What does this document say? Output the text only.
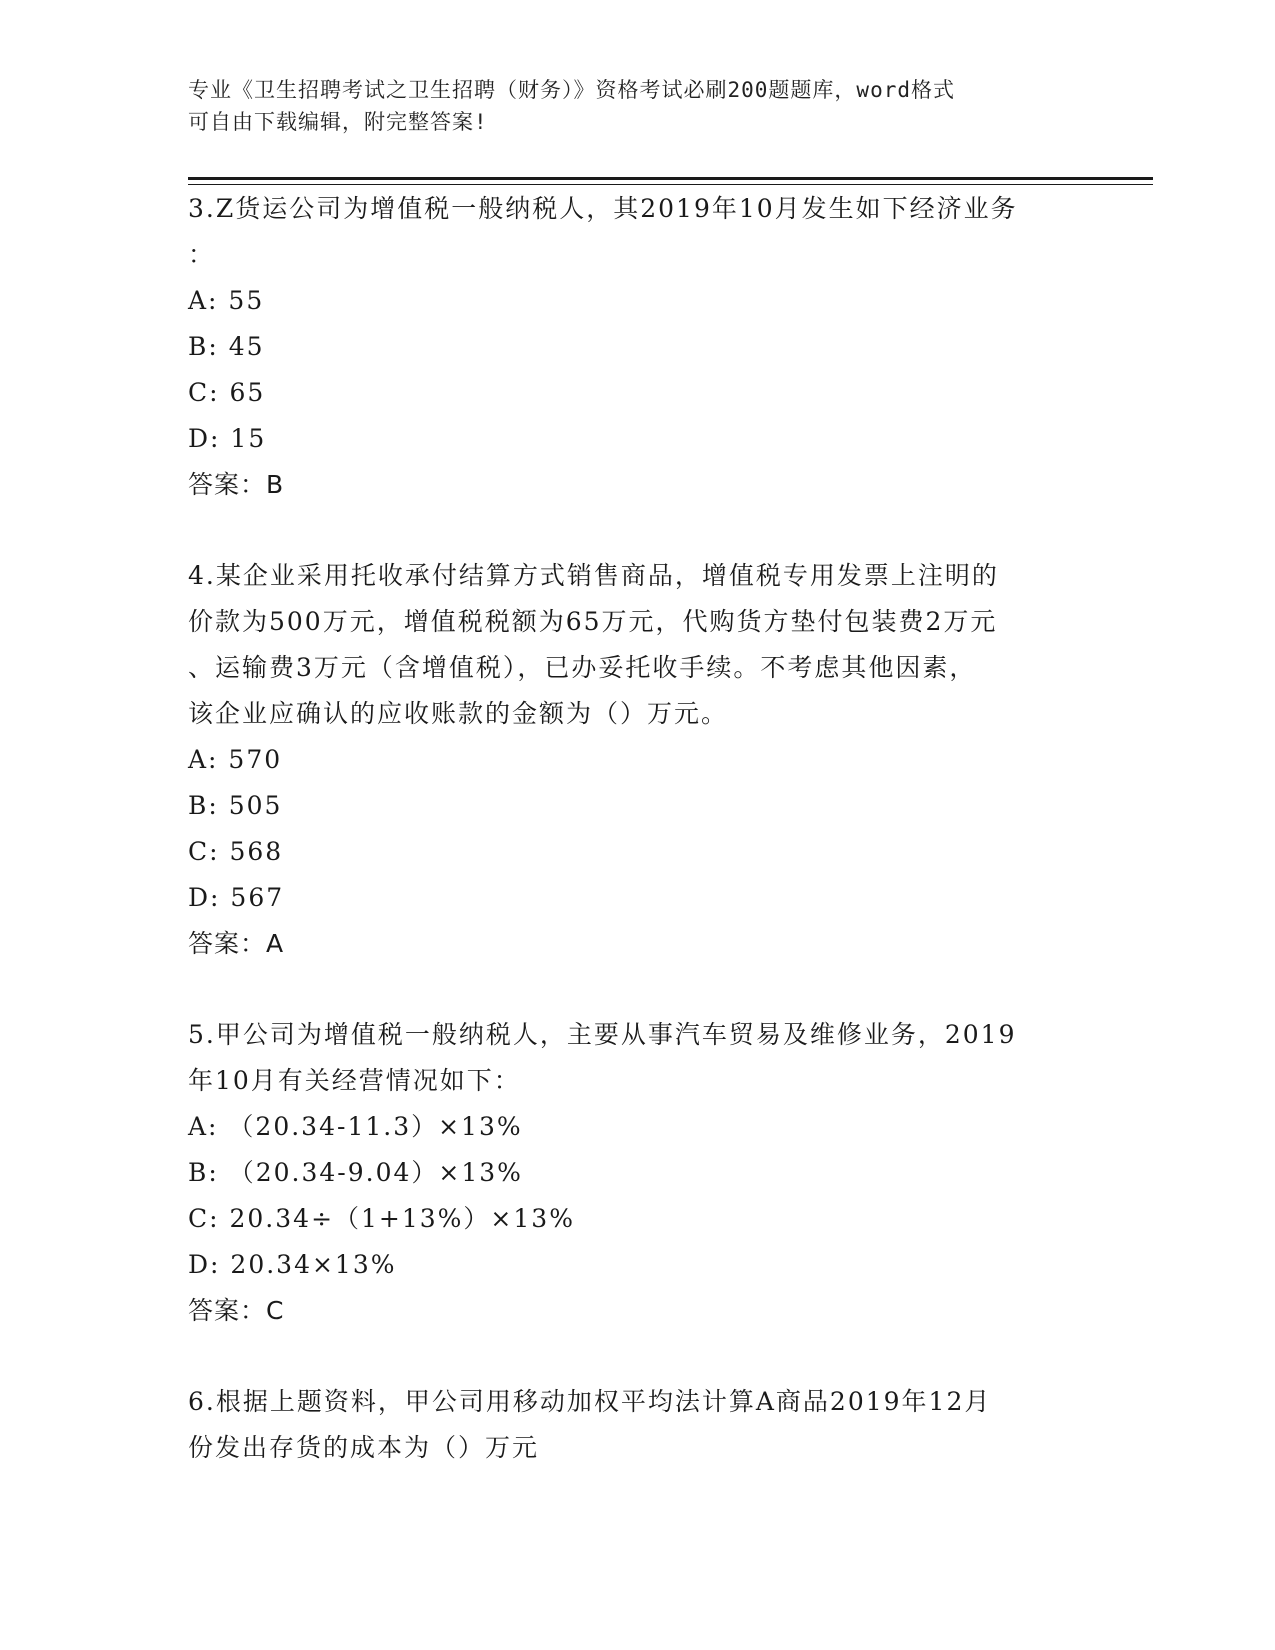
专业《卫生招聘考试之卫生招聘（财务）》资格考试必刷200题题库，word格式
可自由下载编辑，附完整答案!
3.Z货运公司为增值税一般纳税人，其2019年10月发生如下经济业务
：
A: 55
B: 45
C: 65
D: 15
答案：B
4.某企业采用托收承付结算方式销售商品，增值税专用发票上注明的
价款为500万元，增值税税额为65万元，代购货方垫付包装费2万元
、运输费3万元（含增值税），已办妥托收手续。不考虑其他因素，
该企业应确认的应收账款的金额为（）万元。
A: 570
B: 505
C: 568
D: 567
答案：A
5.甲公司为增值税一般纳税人，主要从事汽车贸易及维修业务，2019
年10月有关经营情况如下：
A: （20.34-11.3）×13%
B: （20.34-9.04）×13%
C: 20.34÷（1+13%）×13%
D: 20.34×13%
答案：C
6.根据上题资料，甲公司用移动加权平均法计算A商品2019年12月
份发出存货的成本为（）万元
